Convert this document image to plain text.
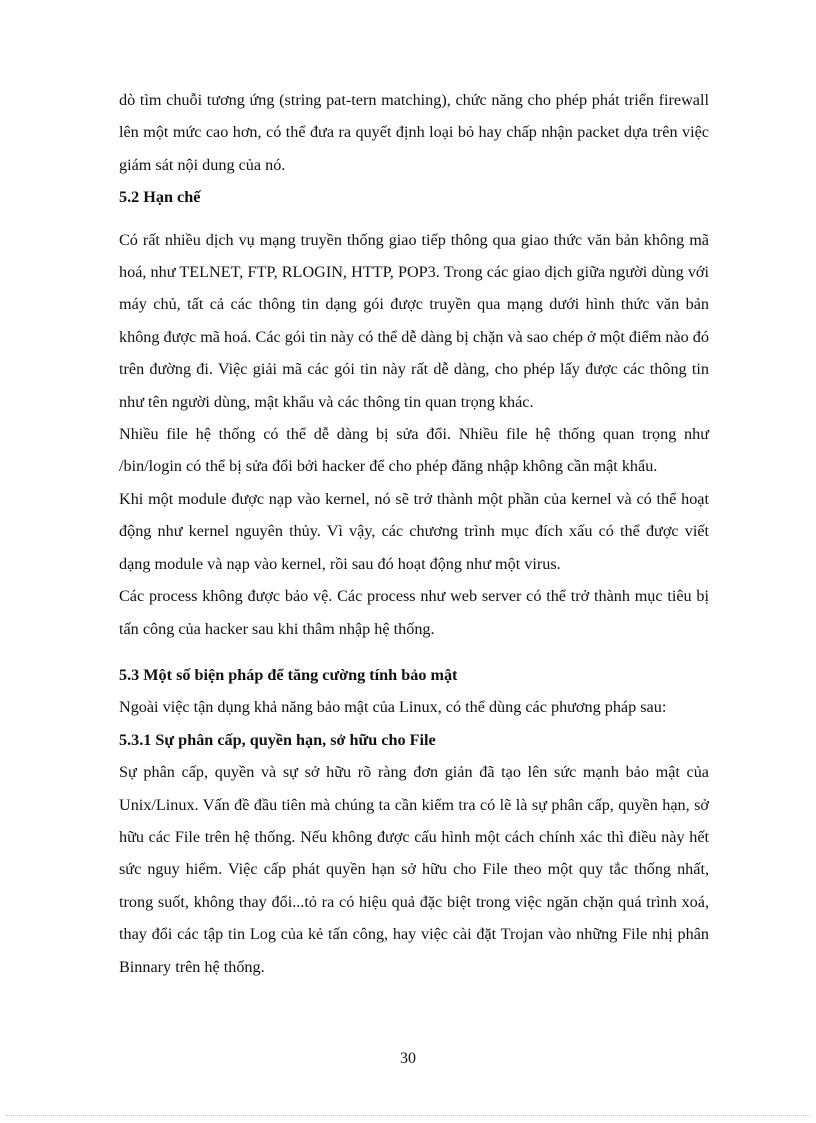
dò tìm chuỗi tương ứng (string pat-tern matching), chức năng cho phép phát triển firewall lên một mức cao hơn, có thể đưa ra quyết định loại bỏ hay chấp nhận packet dựa trên việc giám sát nội dung của nó.

5.2 Hạn chế

Có rất nhiều dịch vụ mạng truyền thống giao tiếp thông qua giao thức văn bản không mã hoá, như TELNET, FTP, RLOGIN, HTTP, POP3. Trong các giao dịch giữa người dùng với máy chủ, tất cả các thông tin dạng gói được truyền qua mạng dưới hình thức văn bản không được mã hoá. Các gói tin này có thể dễ dàng bị chặn và sao chép ở một điểm nào đó trên đường đi. Việc giải mã các gói tin này rất dễ dàng, cho phép lấy được các thông tin như tên người dùng, mật khẩu và các thông tin quan trọng khác.

Nhiều file hệ thống có thể dễ dàng bị sửa đổi. Nhiều file hệ thống quan trọng như /bin/login có thể bị sửa đổi bởi hacker để cho phép đăng nhập không cần mật khẩu.

Khi một module được nạp vào kernel, nó sẽ trở thành một phần của kernel và có thể hoạt động như kernel nguyên thủy. Vì vậy, các chương trình mục đích xấu có thể được viết dạng module và nạp vào kernel, rồi sau đó hoạt động như một virus.

Các process không được bảo vệ. Các process như web server có thể trở thành mục tiêu bị tấn công của hacker sau khi thâm nhập hệ thống.

5.3 Một số biện pháp để tăng cường tính bảo mật

Ngoài việc tận dụng khả năng bảo mật của Linux, có thể dùng các phương pháp sau:

5.3.1 Sự phân cấp, quyền hạn, sở hữu cho File

Sự phân cấp, quyền và sự sở hữu rõ ràng đơn giản đã tạo lên sức mạnh bảo mật của Unix/Linux. Vấn đề đầu tiên mà chúng ta cần kiểm tra có lẽ là sự phân cấp, quyền hạn, sở hữu các File trên hệ thống. Nếu không được cấu hình một cách chính xác thì điều này hết sức nguy hiểm. Việc cấp phát quyền hạn sở hữu cho File theo một quy tắc thống nhất, trong suốt, không thay đổi...tỏ ra có hiệu quả đặc biệt trong việc ngăn chặn quá trình xoá, thay đổi các tập tin Log của kẻ tấn công, hay việc cài đặt Trojan vào những File nhị phân Binnary trên hệ thống.

30
